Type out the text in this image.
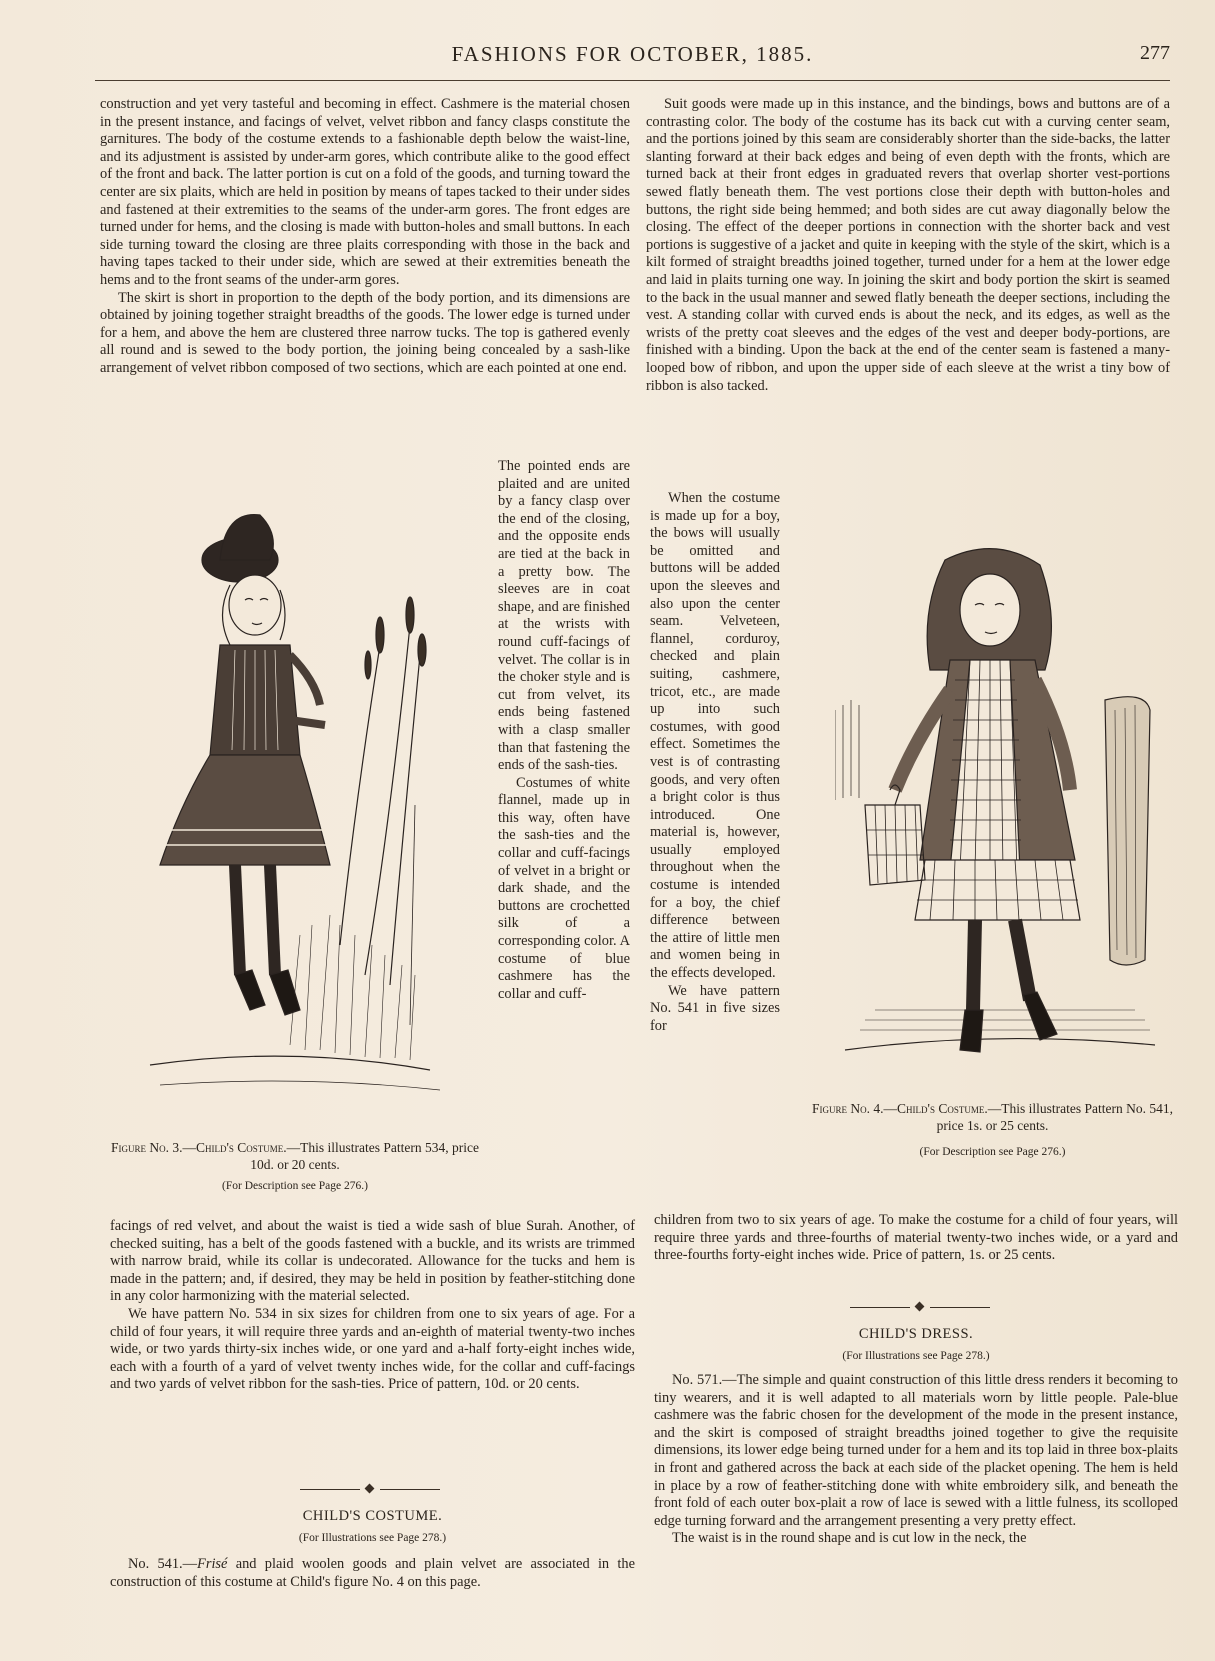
FASHIONS FOR OCTOBER, 1885.	277

construction and yet very tasteful and becoming in effect. Cashmere is the material chosen in the present instance, and facings of velvet, velvet ribbon and fancy clasps constitute the garnitures. The body of the costume extends to a fashionable depth below the waist-line, and its adjustment is assisted by under-arm gores, which contribute alike to the good effect of the front and back. The latter portion is cut on a fold of the goods, and turning toward the center are six plaits, which are held in position by means of tapes tacked to their under sides and fastened at their extremities to the seams of the under-arm gores. The front edges are turned under for hems, and the closing is made with button-holes and small buttons. In each side turning toward the closing are three plaits corresponding with those in the back and having tapes tacked to their under side, which are sewed at their extremities beneath the hems and to the front seams of the under-arm gores.

The skirt is short in proportion to the depth of the body portion, and its dimensions are obtained by joining together straight breadths of the goods. The lower edge is turned under for a hem, and above the hem are clustered three narrow tucks. The top is gathered evenly all round and is sewed to the body portion, the joining being concealed by a sash-like arrangement of velvet ribbon composed of two sections, which are each pointed at one end.

The pointed ends are plaited and are united by a fancy clasp over the end of the closing, and the opposite ends are tied at the back in a pretty bow. The sleeves are in coat shape, and are finished at the wrists with round cuff-facings of velvet. The collar is in the choker style and is cut from velvet, its ends being fastened with a clasp smaller than that fastening the ends of the sash-ties.

Costumes of white flannel, made up in this way, often have the sash-ties and the collar and cuff-facings of velvet in a bright or dark shade, and the buttons are crochetted silk of a corresponding color. A costume of blue cashmere has the collar and cuff-

Figure No. 3.—Child's Costume.—This illustrates Pattern 534, price 10d. or 20 cents.
(For Description see Page 276.)

facings of red velvet, and about the waist is tied a wide sash of blue Surah. Another, of checked suiting, has a belt of the goods fastened with a buckle, and its wrists are trimmed with narrow braid, while its collar is undecorated. Allowance for the tucks and hem is made in the pattern; and, if desired, they may be held in position by feather-stitching done in any color harmonizing with the material selected.

We have pattern No. 534 in six sizes for children from one to six years of age. For a child of four years, it will require three yards and an-eighth of material twenty-two inches wide, or two yards thirty-six inches wide, or one yard and a-half forty-eight inches wide, each with a fourth of a yard of velvet twenty inches wide, for the collar and cuff-facings and two yards of velvet ribbon for the sash-ties. Price of pattern, 10d. or 20 cents.

CHILD'S COSTUME.
(For Illustrations see Page 278.)

No. 541.—Frisé and plaid woolen goods and plain velvet are associated in the construction of this costume at Child's figure No. 4 on this page.

Suit goods were made up in this instance, and the bindings, bows and buttons are of a contrasting color. The body of the costume has its back cut with a curving center seam, and the portions joined by this seam are considerably shorter than the side-backs, the latter slanting forward at their back edges and being of even depth with the fronts, which are turned back at their front edges in graduated revers that overlap shorter vest-portions sewed flatly beneath them. The vest portions close their depth with button-holes and buttons, the right side being hemmed; and both sides are cut away diagonally below the closing. The effect of the deeper portions in connection with the shorter back and vest portions is suggestive of a jacket and quite in keeping with the style of the skirt, which is a kilt formed of straight breadths joined together, turned under for a hem at the lower edge and laid in plaits turning one way. In joining the skirt and body portion the skirt is seamed to the back in the usual manner and sewed flatly beneath the deeper sections, including the vest. A standing collar with curved ends is about the neck, and its edges, as well as the wrists of the pretty coat sleeves and the edges of the vest and deeper body-portions, are finished with a binding. Upon the back at the end of the center seam is fastened a many-looped bow of ribbon, and upon the upper side of each sleeve at the wrist a tiny bow of ribbon is also tacked.

When the costume is made up for a boy, the bows will usually be omitted and buttons will be added upon the sleeves and also upon the center seam. Velveteen, flannel, corduroy, checked and plain suiting, cashmere, tricot, etc., are made up into such costumes, with good effect. Sometimes the vest is of contrasting goods, and very often a bright color is thus introduced. One material is, however, usually employed throughout when the costume is intended for a boy, the chief difference between the attire of little men and women being in the effects developed.

We have pattern No. 541 in five sizes for

Figure No. 4.—Child's Costume.—This illustrates Pattern No. 541, price 1s. or 25 cents.
(For Description see Page 276.)

children from two to six years of age. To make the costume for a child of four years, will require three yards and three-fourths of material twenty-two inches wide, or a yard and three-fourths forty-eight inches wide. Price of pattern, 1s. or 25 cents.

CHILD'S DRESS.
(For Illustrations see Page 278.)

No. 571.—The simple and quaint construction of this little dress renders it becoming to tiny wearers, and it is well adapted to all materials worn by little people. Pale-blue cashmere was the fabric chosen for the development of the mode in the present instance, and the skirt is composed of straight breadths joined together to give the requisite dimensions, its lower edge being turned under for a hem and its top laid in three box-plaits in front and gathered across the back at each side of the placket opening. The hem is held in place by a row of feather-stitching done with white embroidery silk, and beneath the front fold of each outer box-plait a row of lace is sewed with a little fulness, its scolloped edge turning forward and the arrangement presenting a very pretty effect.

The waist is in the round shape and is cut low in the neck, the
